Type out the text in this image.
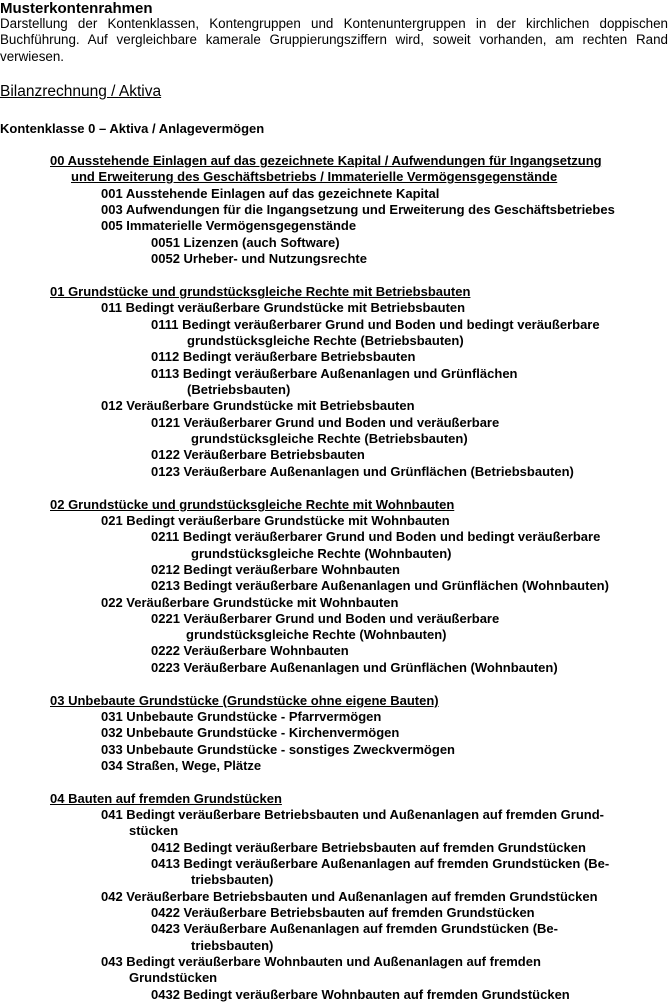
Musterkontenrahmen
Darstellung der Kontenklassen, Kontengruppen und Kontenuntergruppen in der kirchlichen doppischen Buchführung. Auf vergleichbare kamerale Gruppierungsziffern wird, soweit vorhanden, am rechten Rand verwiesen.
Bilanzrechnung / Aktiva
Kontenklasse 0 – Aktiva / Anlagevermögen
00 Ausstehende Einlagen auf das gezeichnete Kapital / Aufwendungen für Ingangsetzung
und Erweiterung des Geschäftsbetriebs / Immaterielle Vermögensgegenstände
001 Ausstehende Einlagen auf das gezeichnete Kapital
003 Aufwendungen für die Ingangsetzung und Erweiterung des Geschäftsbetriebes
005 Immaterielle Vermögensgegenstände
0051 Lizenzen (auch Software)
0052 Urheber- und Nutzungsrechte
01 Grundstücke und grundstücksgleiche Rechte mit Betriebsbauten
011 Bedingt veräußerbare Grundstücke mit Betriebsbauten
0111 Bedingt veräußerbarer Grund und Boden und bedingt veräußerbare
grundstücksgleiche Rechte (Betriebsbauten)
0112 Bedingt veräußerbare Betriebsbauten
0113 Bedingt veräußerbare Außenanlagen und Grünflächen
(Betriebsbauten)
012 Veräußerbare Grundstücke mit Betriebsbauten
0121 Veräußerbarer Grund und Boden und veräußerbare
grundstücksgleiche Rechte (Betriebsbauten)
0122 Veräußerbare Betriebsbauten
0123 Veräußerbare Außenanlagen und Grünflächen (Betriebsbauten)
02 Grundstücke und grundstücksgleiche Rechte mit Wohnbauten
021 Bedingt veräußerbare Grundstücke mit Wohnbauten
0211 Bedingt veräußerbarer Grund und Boden und bedingt veräußerbare
grundstücksgleiche Rechte (Wohnbauten)
0212 Bedingt veräußerbare Wohnbauten
0213 Bedingt veräußerbare Außenanlagen und Grünflächen (Wohnbauten)
022 Veräußerbare Grundstücke mit Wohnbauten
0221 Veräußerbarer Grund und Boden und veräußerbare
grundstücksgleiche Rechte (Wohnbauten)
0222 Veräußerbare Wohnbauten
0223 Veräußerbare Außenanlagen und Grünflächen (Wohnbauten)
03 Unbebaute Grundstücke (Grundstücke ohne eigene Bauten)
031 Unbebaute Grundstücke - Pfarrvermögen
032 Unbebaute Grundstücke - Kirchenvermögen
033 Unbebaute Grundstücke - sonstiges Zweckvermögen
034 Straßen, Wege, Plätze
04 Bauten auf fremden Grundstücken
041 Bedingt veräußerbare Betriebsbauten und Außenanlagen auf fremden Grund-
stücken
0412 Bedingt veräußerbare Betriebsbauten auf fremden Grundstücken
0413 Bedingt veräußerbare Außenanlagen auf fremden Grundstücken (Be-
triebsbauten)
042 Veräußerbare Betriebsbauten und Außenanlagen auf fremden Grundstücken
0422 Veräußerbare Betriebsbauten auf fremden Grundstücken
0423 Veräußerbare Außenanlagen auf fremden Grundstücken (Be-
triebsbauten)
043 Bedingt veräußerbare Wohnbauten und Außenanlagen auf fremden
Grundstücken
0432 Bedingt veräußerbare Wohnbauten auf fremden Grundstücken
